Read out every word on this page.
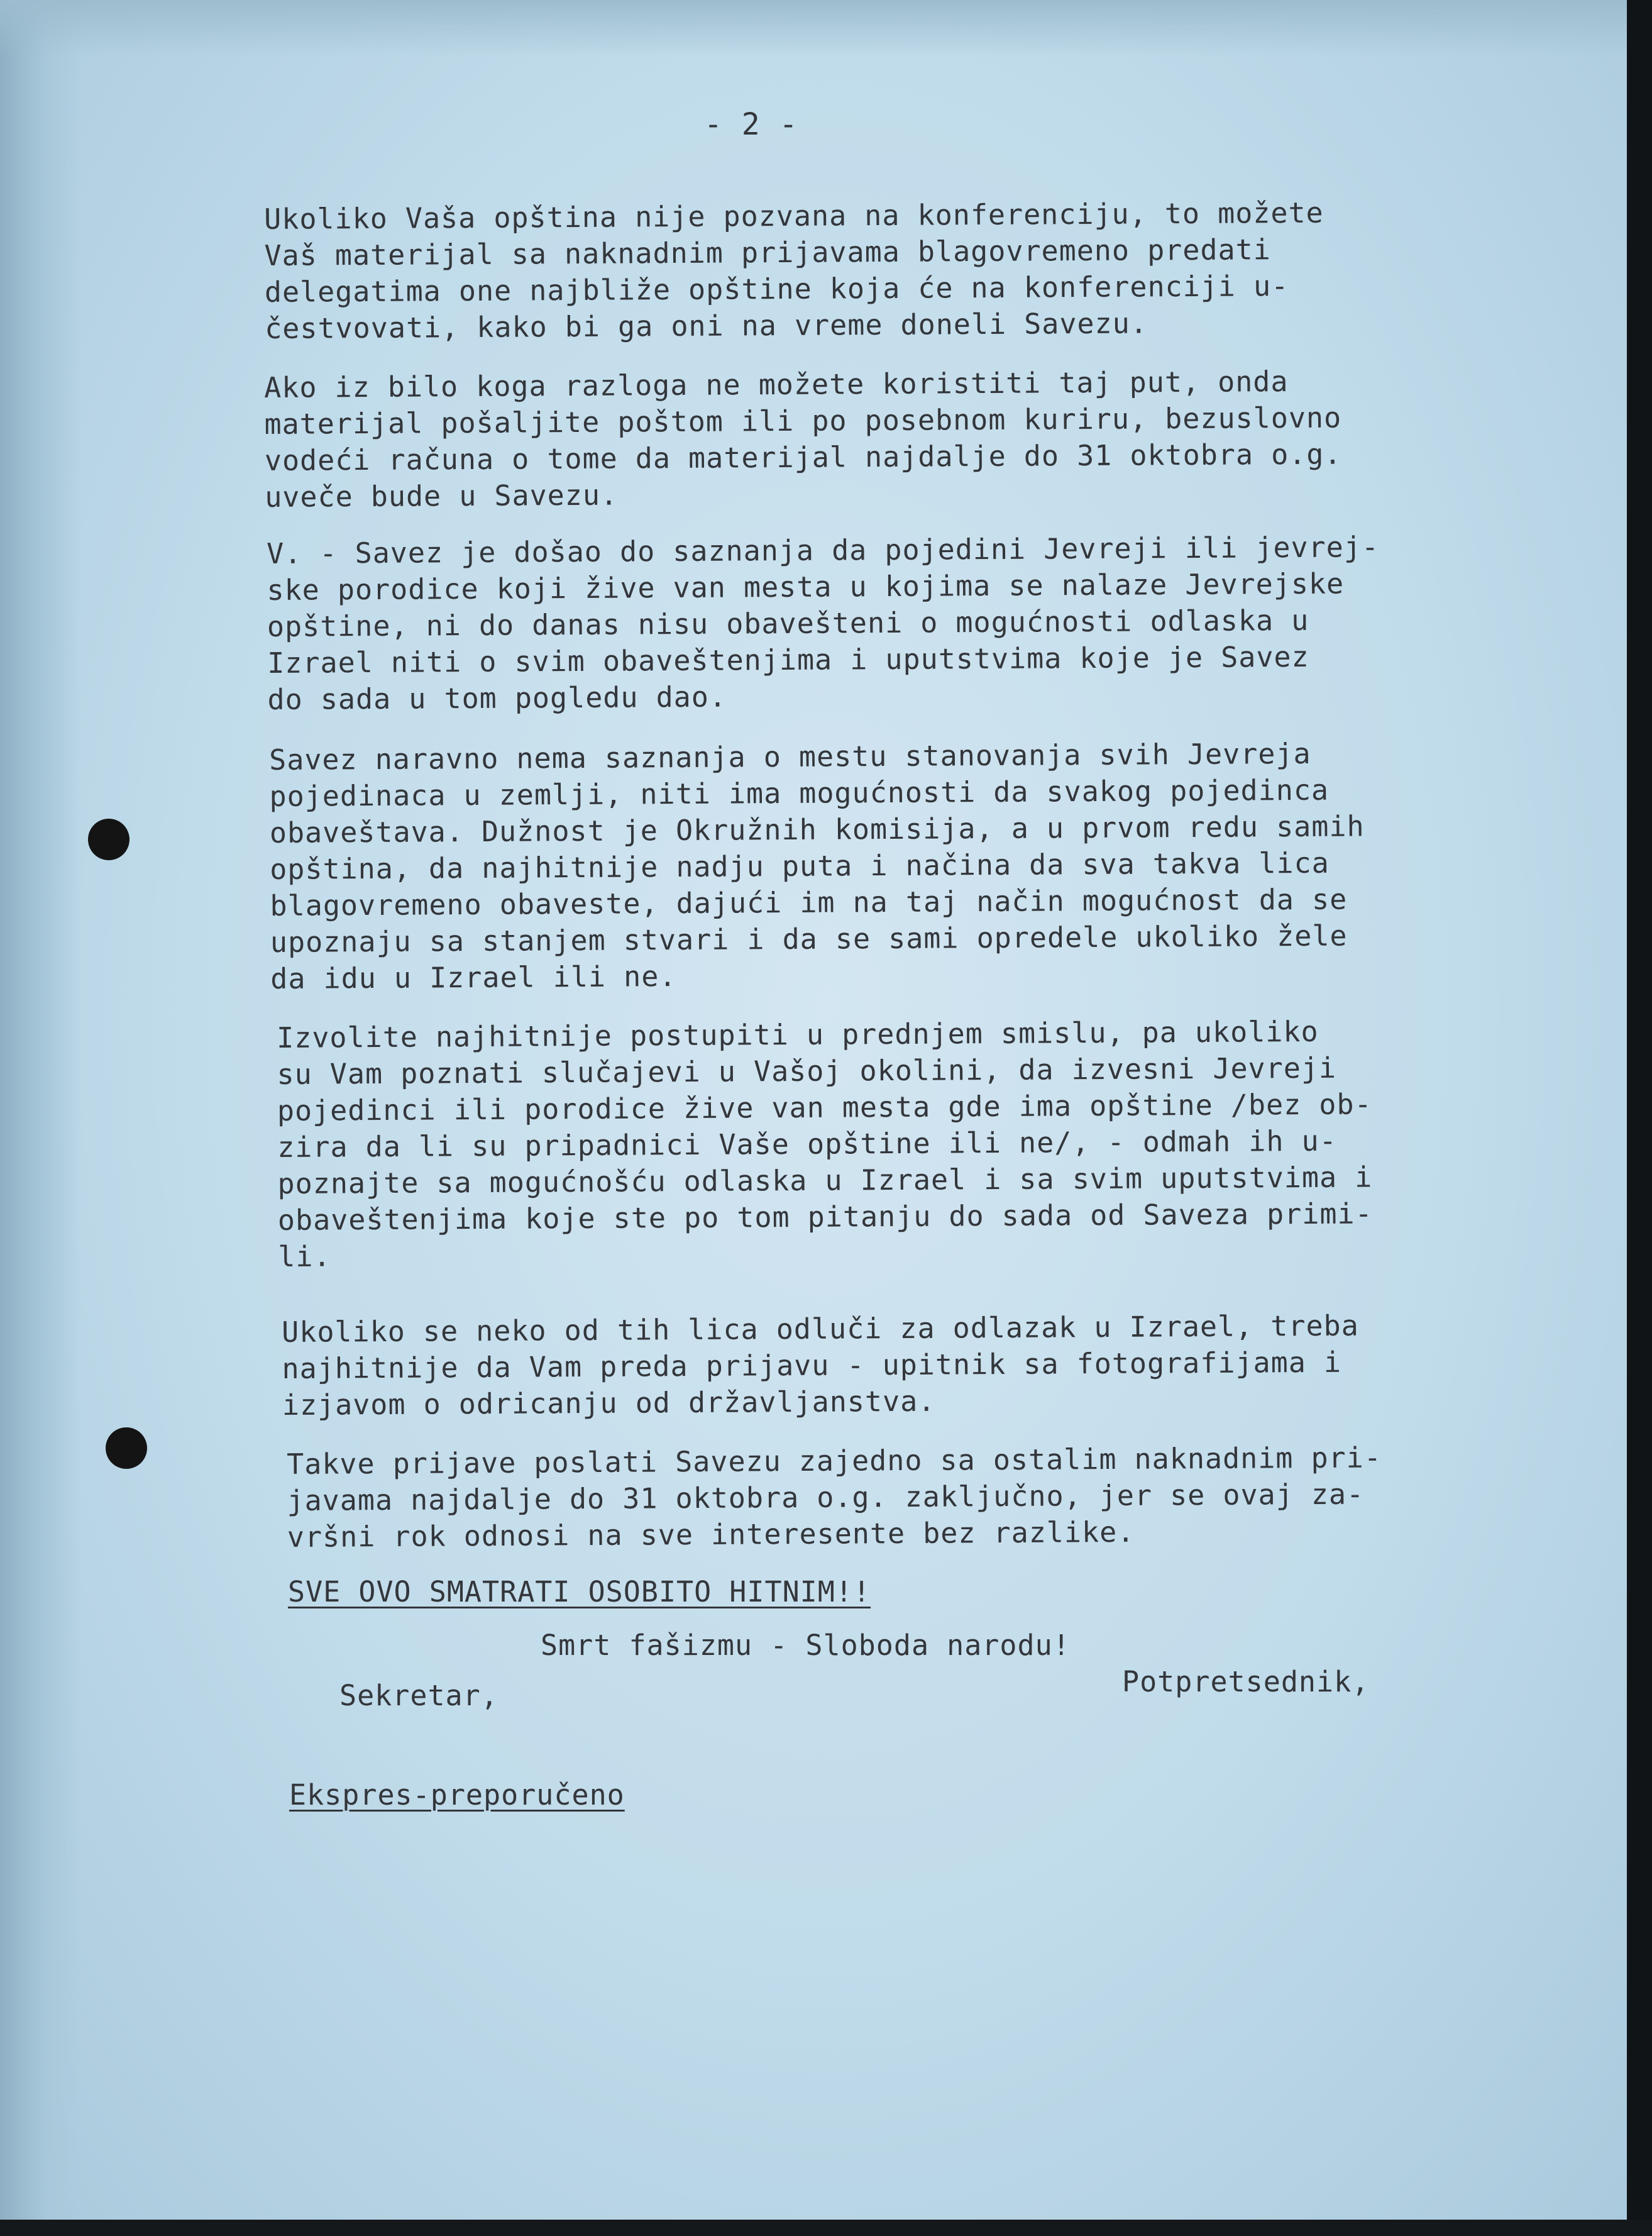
- 2 -
Ukoliko Vaša opština nije pozvana na konferenciju, to možete
Vaš materijal sa naknadnim prijavama blagovremeno predati
delegatima one najbliže opštine koja će na konferenciji u-
čestvovati, kako bi ga oni na vreme doneli Savezu.
Ako iz bilo koga razloga ne možete koristiti taj put, onda
materijal pošaljite poštom ili po posebnom kuriru, bezuslovno
vodeći računa o tome da materijal najdalje do 31 oktobra o.g.
uveče bude u Savezu.
V. - Savez je došao do saznanja da pojedini Jevreji ili jevrej-
ske porodice koji žive van mesta u kojima se nalaze Jevrejske
opštine, ni do danas nisu obavešteni o mogućnosti odlaska u
Izrael niti o svim obaveštenjima i uputstvima koje je Savez
do sada u tom pogledu dao.
Savez naravno nema saznanja o mestu stanovanja svih Jevreja
pojedinaca u zemlji, niti ima mogućnosti da svakog pojedinca
obaveštava. Dužnost je Okružnih komisija, a u prvom redu samih
opština, da najhitnije nadju puta i načina da sva takva lica
blagovremeno obaveste, dajući im na taj način mogućnost da se
upoznaju sa stanjem stvari i da se sami opredele ukoliko žele
da idu u Izrael ili ne.
Izvolite najhitnije postupiti u prednjem smislu, pa ukoliko
su Vam poznati slučajevi u Vašoj okolini, da izvesni Jevreji
pojedinci ili porodice žive van mesta gde ima opštine /bez ob-
zira da li su pripadnici Vaše opštine ili ne/, - odmah ih u-
poznajte sa mogućnošću odlaska u Izrael i sa svim uputstvima i
obaveštenjima koje ste po tom pitanju do sada od Saveza primi-
li.
Ukoliko se neko od tih lica odluči za odlazak u Izrael, treba
najhitnije da Vam preda prijavu - upitnik sa fotografijama i
izjavom o odricanju od državljanstva.
Takve prijave poslati Savezu zajedno sa ostalim naknadnim pri-
javama najdalje do 31 oktobra o.g. zaključno, jer se ovaj za-
vršni rok odnosi na sve interesente bez razlike.
SVE OVO SMATRATI OSOBITO HITNIM!!
Smrt fašizmu - Sloboda narodu!
Sekretar,	Potpretsednik,
Ekspres-preporučeno
